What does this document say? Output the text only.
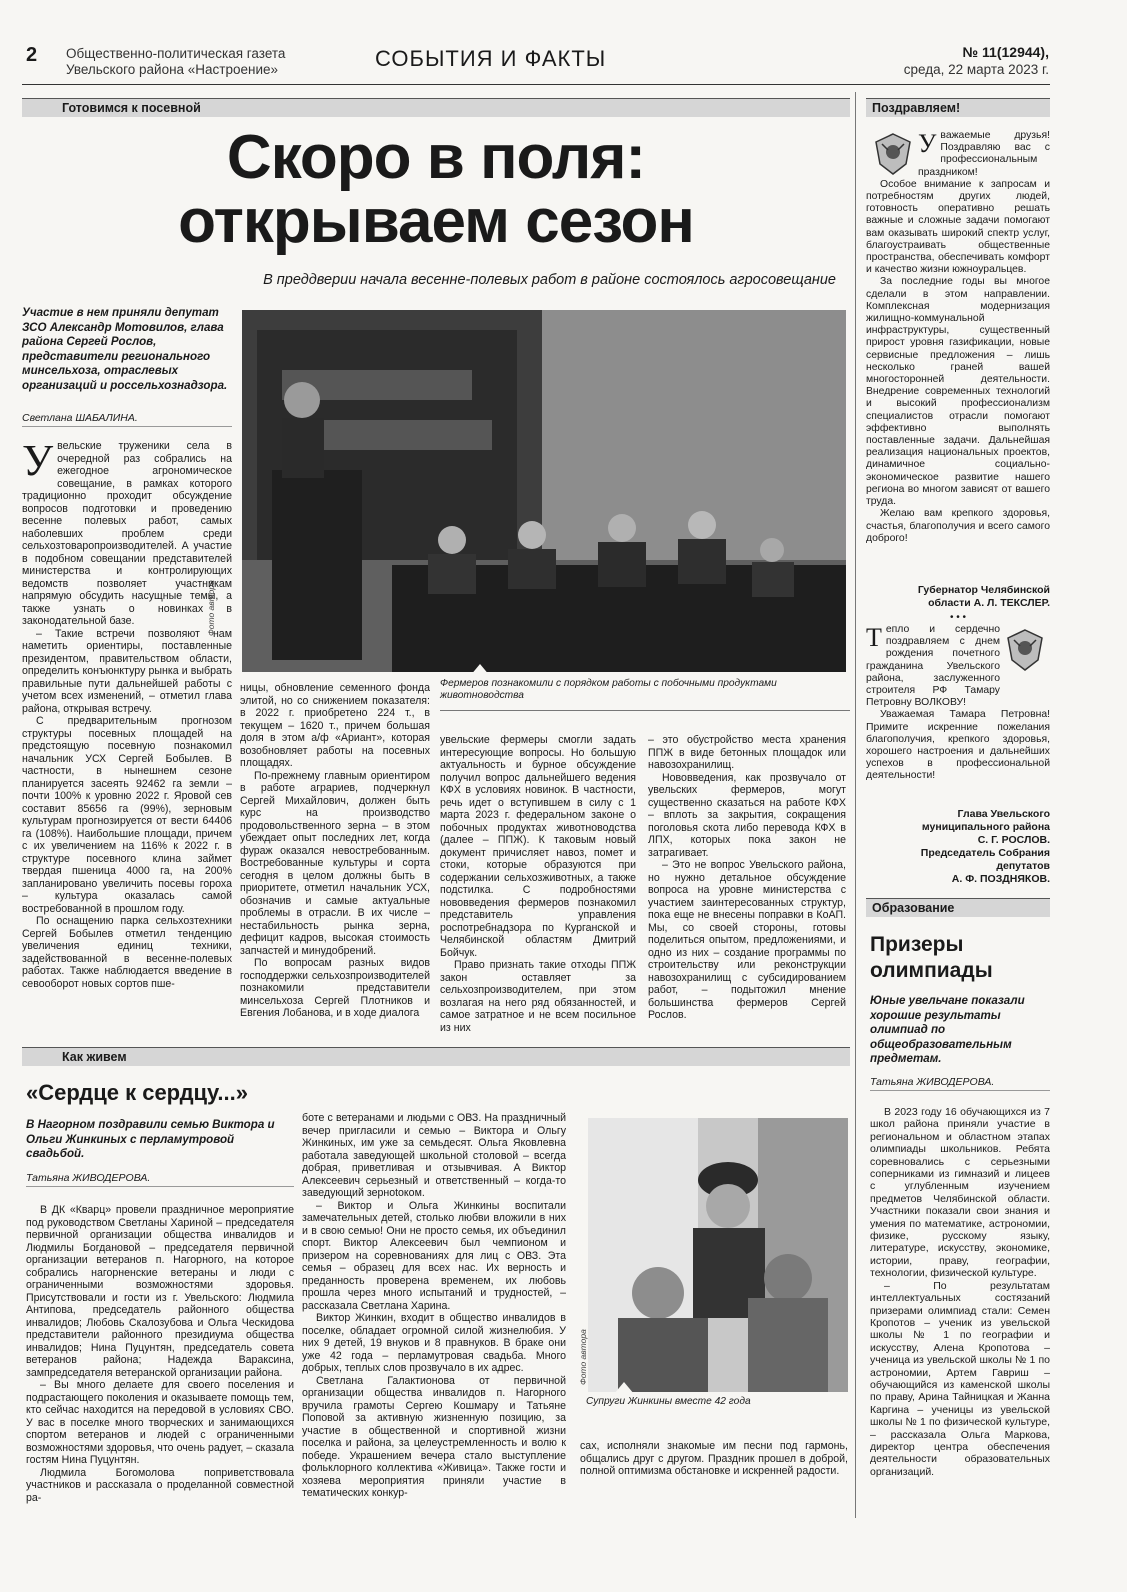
2 Общественно-политическая газета
Увельского района «Настроение»	СОБЫТИЯ И ФАКТЫ	№ 11(12944),
среда, 22 марта 2023 г.
Готовимся к посевной
Скоро в поля:
открываем сезон
В преддверии начала весенне-полевых работ в районе состоялось агросовещание
Участие в нем приняли депутат ЗСО Александр Мотовилов, глава района Сергей Рослов, представители регионального минсельхоза, отраслевых организаций и россельхознадзора.
Светлана ШАБАЛИНА.
Фото автора
Фермеров познакомили с порядком работы с побочными продуктами животноводства
У вельские труженики села в очередной раз собрались на ежегодное агрономическое совещание, в рамках которого традиционно проходит обсуждение вопросов подготовки и проведению весенне полевых работ, самых наболевших проблем среди сельхозтоваропроизводителей. А участие в подобном совещании представителей министерства и контролирующих ведомств позволяет участникам напрямую обсудить насущные темы, а также узнать о новинках в законодательной базе.

– Такие встречи позволяют нам наметить ориентиры, поставленные президентом, правительством области, определить конъюнктуру рынка и выбрать правильные пути дальнейшей работы с учетом всех изменений, – отметил глава района, открывая встречу.

С предварительным прогнозом структуры посевных площадей на предстоящую посевную познакомил начальник УСХ Сергей Бобылев. В частности, в нынешнем сезоне планируется засеять 92462 га земли – почти 100% к уровню 2022 г. Яровой сев составит 85656 га (99%), зерновым культурам прогнозируется от вести 64406 га (108%). Наибольшие площади, причем с их увеличением на 116% к 2022 г. в структуре посевного клина займет твердая пшеница 4000 га, на 200% запланировано увеличить посевы гороха – культура оказалась самой востребованной в прошлом году.

По оснащению парка сельхозтехники Сергей Бобылев отметил тенденцию увеличения единиц техники, задействованной в весенне-полевых работах. Также наблюдается введение в севооборот новых сортов пше-

ницы, обновление семенного фонда элитой, но со снижением показателя: в 2022 г. приобретено 224 т., в текущем – 1620 т., причем большая доля в этом а/ф «Ариант», которая возобновляет работы на посевных площадях.

По-прежнему главным ориентиром в работе аграриев, подчеркнул Сергей Михайлович, должен быть курс на производство продовольственного зерна – в этом убеждает опыт последних лет, когда фураж оказался невостребованным. Востребованные культуры и сорта сегодня в целом должны быть в приоритете, отметил начальник УСХ, обозначив и самые актуальные проблемы в отрасли. В их числе – нестабильность рынка зерна, дефицит кадров, высокая стоимость запчастей и минудобрений.

По вопросам разных видов господдержки сельхозпроизводителей познакомили представители минсельхоза Сергей Плотников и Евгения Лобанова, и в ходе диалога

увельские фермеры смогли задать интересующие вопросы. Но большую актуальность и бурное обсуждение получил вопрос дальнейшего ведения КФХ в условиях новинок. В частности, речь идет о вступившем в силу с 1 марта 2023 г. федеральном законе о побочных продуктах животноводства (далее – ППЖ). К таковым новый документ причисляет навоз, помет и стоки, которые образуются при содержании сельхозживотных, а также подстилка. С подробностями нововведения фермеров познакомил представитель управления роспотребнадзора по Курганской и Челябинской областям Дмитрий Бойчук.

Право признать такие отходы ППЖ закон оставляет за сельхозпроизводителем, при этом возлагая на него ряд обязанностей, и самое затратное и не всем посильное из них

– это обустройство места хранения ППЖ в виде бетонных площадок или навозохранилищ.

Нововведения, как прозвучало от увельских фермеров, могут существенно сказаться на работе КФХ – вплоть за закрытия, сокращения поголовья скота либо перевода КФХ в ЛПХ, которых пока закон не затрагивает.

– Это не вопрос Увельского района, но нужно детальное обсуждение вопроса на уровне министерства с участием заинтересованных структур, пока еще не внесены поправки в КоАП. Мы, со своей стороны, готовы поделиться опытом, предложениями, и одно из них – создание программы по строительству или реконструкции навозохранилищ с субсидированием работ, – подытожил мнение большинства фермеров Сергей Рослов.

Поздравляем!
У важаемые друзья! Поздравляю вас с профессиональным праздником!

Особое внимание к запросам и потребностям других людей, готовность оперативно решать важные и сложные задачи помогают вам оказывать широкий спектр услуг, благоустраивать общественные пространства, обеспечивать комфорт и качество жизни южноуральцев.

За последние годы вы многое сделали в этом направлении. Комплексная модернизация жилищно-коммунальной инфраструктуры, существенный прирост уровня газификации, новые сервисные предложения – лишь несколько граней вашей многосторонней деятельности. Внедрение современных технологий и высокий профессионализм специалистов отрасли помогают эффективно выполнять поставленные задачи. Дальнейшая реализация национальных проектов, динамичное социально-экономическое развитие нашего региона во многом зависят от вашего труда.

Желаю вам крепкого здоровья, счастья, благополучия и всего самого доброго!

Губернатор Челябинской области А. Л. ТЕКСЛЕР.
• • •
Т епло и сердечно поздравляем с днем рождения почетного гражданина Увельского района, заслуженного строителя РФ Тамару Петровну ВОЛКОВУ!

Уважаемая Тамара Петровна! Примите искренние пожелания благополучия, крепкого здоровья, хорошего настроения и дальнейших успехов в профессиональной деятельности!

Глава Увельского
муниципального района
С. Г. РОСЛОВ.
Председатель Собрания
депутатов
А. Ф. ПОЗДНЯКОВ.
Образование
Призеры олимпиады
Юные увельчане показали хорошие результаты олимпиад по общеобразовательным предметам.
Татьяна ЖИВОДЕРОВА.

В 2023 году 16 обучающихся из 7 школ района приняли участие в региональном и областном этапах олимпиады школьников. Ребята соревновались с серьезными соперниками из гимназий и лицеев с углубленным изучением предметов Челябинской области. Участники показали свои знания и умения по математике, астрономии, физике, русскому языку, литературе, искусству, экономике, истории, праву, географии, технологии, физической культуре.

– По результатам интеллектуальных состязаний призерами олимпиад стали: Семен Кропотов – ученик из увельской школы № 1 по географии и искусству, Алена Кропотова – ученица из увельской школы № 1 по астрономии, Артем Гавриш – обучающийся из каменской школы по праву, Арина Тайницкая и Жанна Каргина – ученицы из увельской школы № 1 по физической культуре, – рассказала Ольга Маркова, директор центра обеспечения деятельности образовательных организаций.

Как живем
«Сердце к сердцу...»
В Нагорном поздравили семью Виктора и Ольги Жинкиных с перламутровой свадьбой.
Татьяна ЖИВОДЕРОВА.

В ДК «Кварц» провели праздничное мероприятие под руководством Светланы Хариной – председателя первичной организации общества инвалидов и Людмилы Богдановой – председателя первичной организации ветеранов п. Нагорного, на которое собрались нагорненские ветераны и люди с ограниченными возможностями здоровья. Присутствовали и гости из г. Увельского: Людмила Антипова, председатель районного общества инвалидов; Любовь Скалозубова и Ольга Ческидова представители районного президиума общества инвалидов; Нина Пуцунтян, председатель совета ветеранов района; Надежда Вараксина, зампредседателя ветеранской организации района.

– Вы много делаете для своего поселения и подрастающего поколения и оказываете помощь тем, кто сейчас находится на передовой в условиях СВО. У вас в поселке много творческих и занимающихся спортом ветеранов и людей с ограниченными возможностями здоровья, что очень радует, – сказала гостям Нина Пуцунтян.

Людмила Богомолова поприветствовала участников и рассказала о проделанной совместной ра-

боте с ветеранами и людьми с ОВЗ. На праздничный вечер пригласили и семью – Виктора и Ольгу Жинкиных, им уже за семьдесят. Ольга Яковлевна работала заведующей школьной столовой – всегда добрая, приветливая и отзывчивая. А Виктор Алексеевич серьезный и ответственный – когда-то заведующий зерноtoком.

– Виктор и Ольга Жинкины воспитали замечательных детей, столько любви вложили в них и в свою семью! Они не просто семья, их объединил спорт. Виктор Алексеевич был чемпионом и призером на соревнованиях для лиц с ОВЗ. Эта семья – образец для всех нас. Их верность и преданность проверена временем, их любовь прошла через много испытаний и трудностей, – рассказала Светлана Харина.

Виктор Жинкин, входит в общество инвалидов в поселке, обладает огромной силой жизнелюбия. У них 9 детей, 19 внуков и 8 правнуков. В браке они уже 42 года – перламутровая свадьба. Много добрых, теплых слов прозвучало в их адрес.

Светлана Галактионова от первичной организации общества инвалидов п. Нагорного вручила грамоты Сергею Кошмару и Татьяне Поповой за активную жизненную позицию, за участие в общественной и спортивной жизни поселка и района, за целеустремленность и волю к победе. Украшением вечера стало выступление фольклорного коллектива «Живица». Также гости и хозяева мероприятия приняли участие в тематических конкур-

Фото автора
Супруги Жинкины вместе 42 года

сах, исполняли знакомые им песни под гармонь, общались друг с другом. Праздник прошел в доброй, полной оптимизма обстановке и искренней радости.
